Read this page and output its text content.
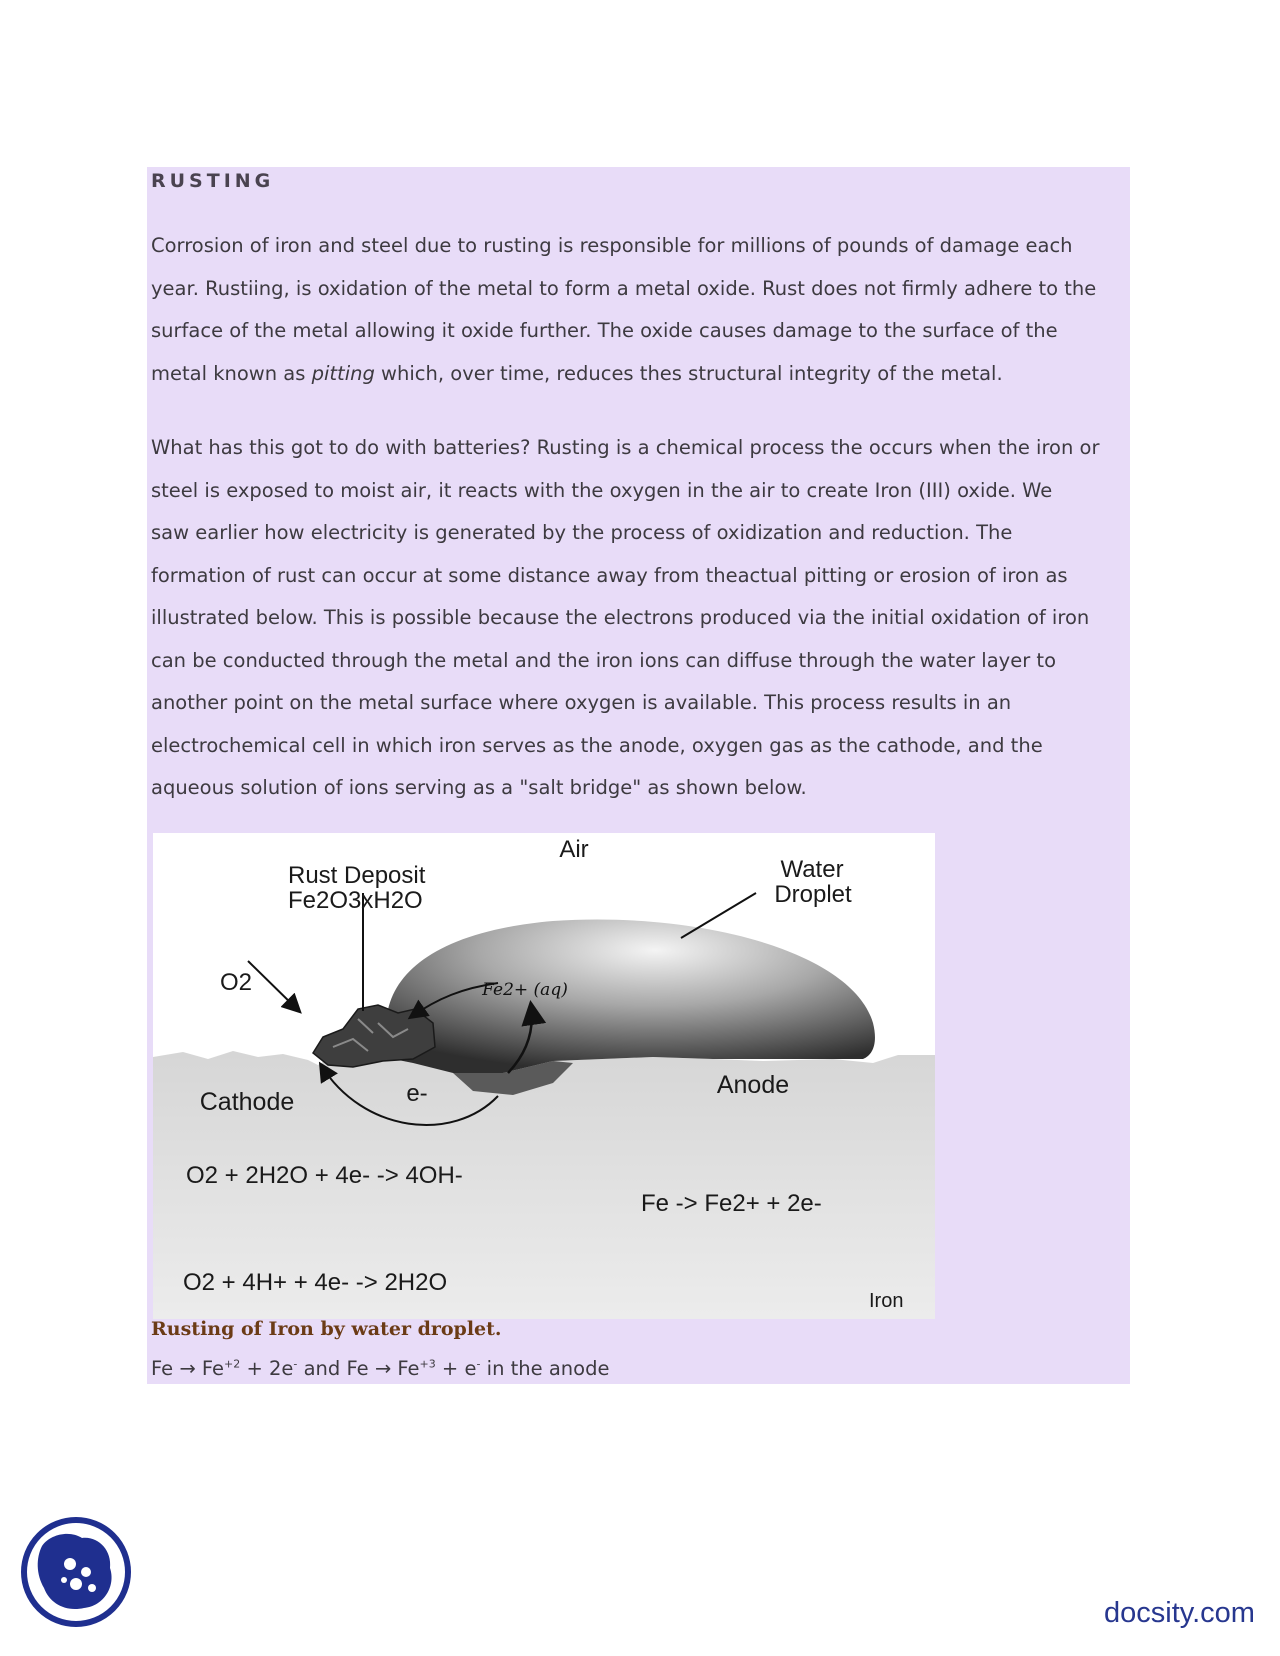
RUSTING
Corrosion of iron and steel due to rusting is responsible for millions of pounds of damage each
year. Rustiing, is oxidation of the metal to form a metal oxide. Rust does not firmly adhere to the
surface of the metal allowing it oxide further. The oxide causes damage to the surface of the
metal known as pitting which, over time, reduces thes structural integrity of the metal.
What has this got to do with batteries? Rusting is a chemical process the occurs when the iron or
steel is exposed to moist air, it reacts with the oxygen in the air to create Iron (III) oxide. We
saw earlier how electricity is generated by the process of oxidization and reduction. The
formation of rust can occur at some distance away from theactual pitting or erosion of iron as
illustrated below. This is possible because the electrons produced via the initial oxidation of iron
can be conducted through the metal and the iron ions can diffuse through the water layer to
another point on the metal surface where oxygen is available. This process results in an
electrochemical cell in which iron serves as the anode, oxygen gas as the cathode, and the
aqueous solution of ions serving as a "salt bridge" as shown below.
Air
Rust Deposit
Fe2O3xH2O
Water
Droplet
O2	Fe2+ (aq)
Cathode	e-	Anode
O2 + 2H2O + 4e- -> 4OH-
Fe -> Fe2+ + 2e-
O2 + 4H+ + 4e- -> 2H2O
Iron
Rusting of Iron by water droplet.
$Fe \to Fe^{+2} + 2e^-$ and $Fe \to Fe^{+3} + e^-$ in the anode
docsity.com
